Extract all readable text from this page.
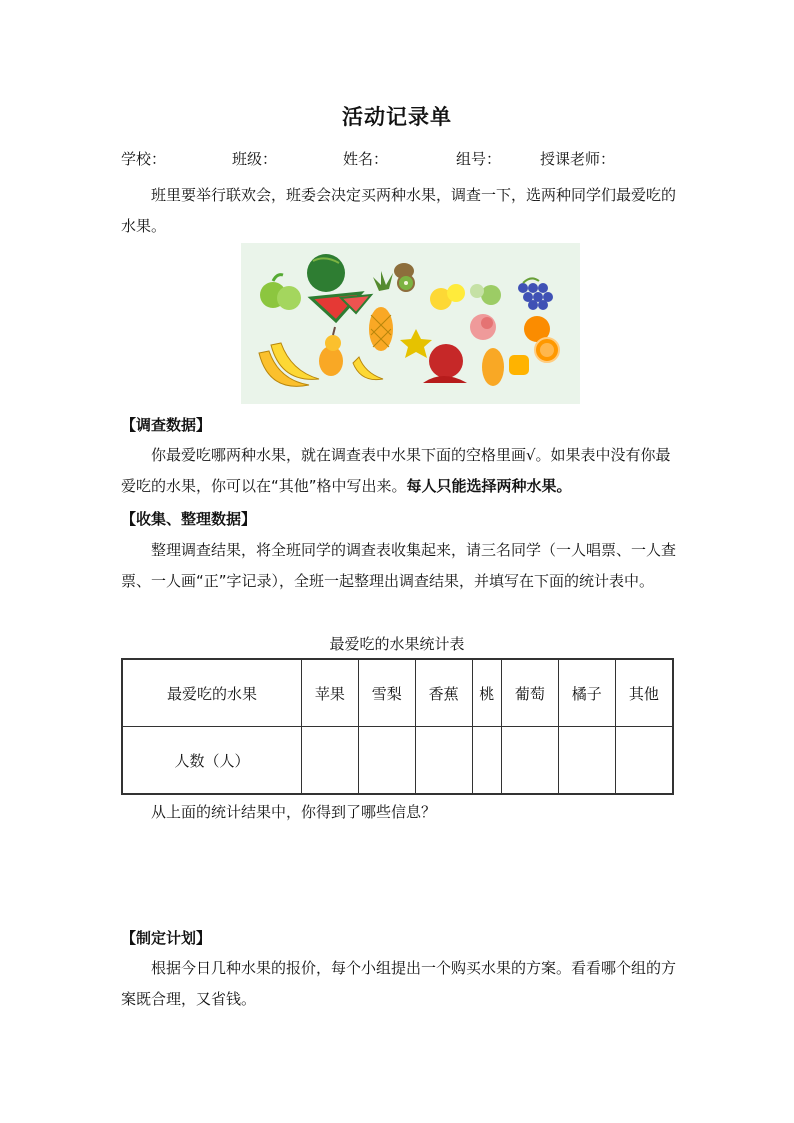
活动记录单
学校：	班级：	姓名：	组号：	授课老师：

班里要举行联欢会，班委会决定买两种水果，调查一下，选两种同学们最爱吃的水果。

【调查数据】

你最爱吃哪两种水果，就在调查表中水果下面的空格里画√。如果表中没有你最爱吃的水果，你可以在“其他”格中写出来。每人只能选择两种水果。

【收集、整理数据】

整理调查结果，将全班同学的调查表收集起来，请三名同学（一人唱票、一人查票、一人画“正”字记录），全班一起整理出调查结果，并填写在下面的统计表中。

最爱吃的水果统计表
最爱吃的水果	苹果	雪梨	香蕉	桃	葡萄	橘子	其他
人数（人）							

从上面的统计结果中，你得到了哪些信息？

【制定计划】

根据今日几种水果的报价，每个小组提出一个购买水果的方案。看看哪个组的方案既合理，又省钱。
